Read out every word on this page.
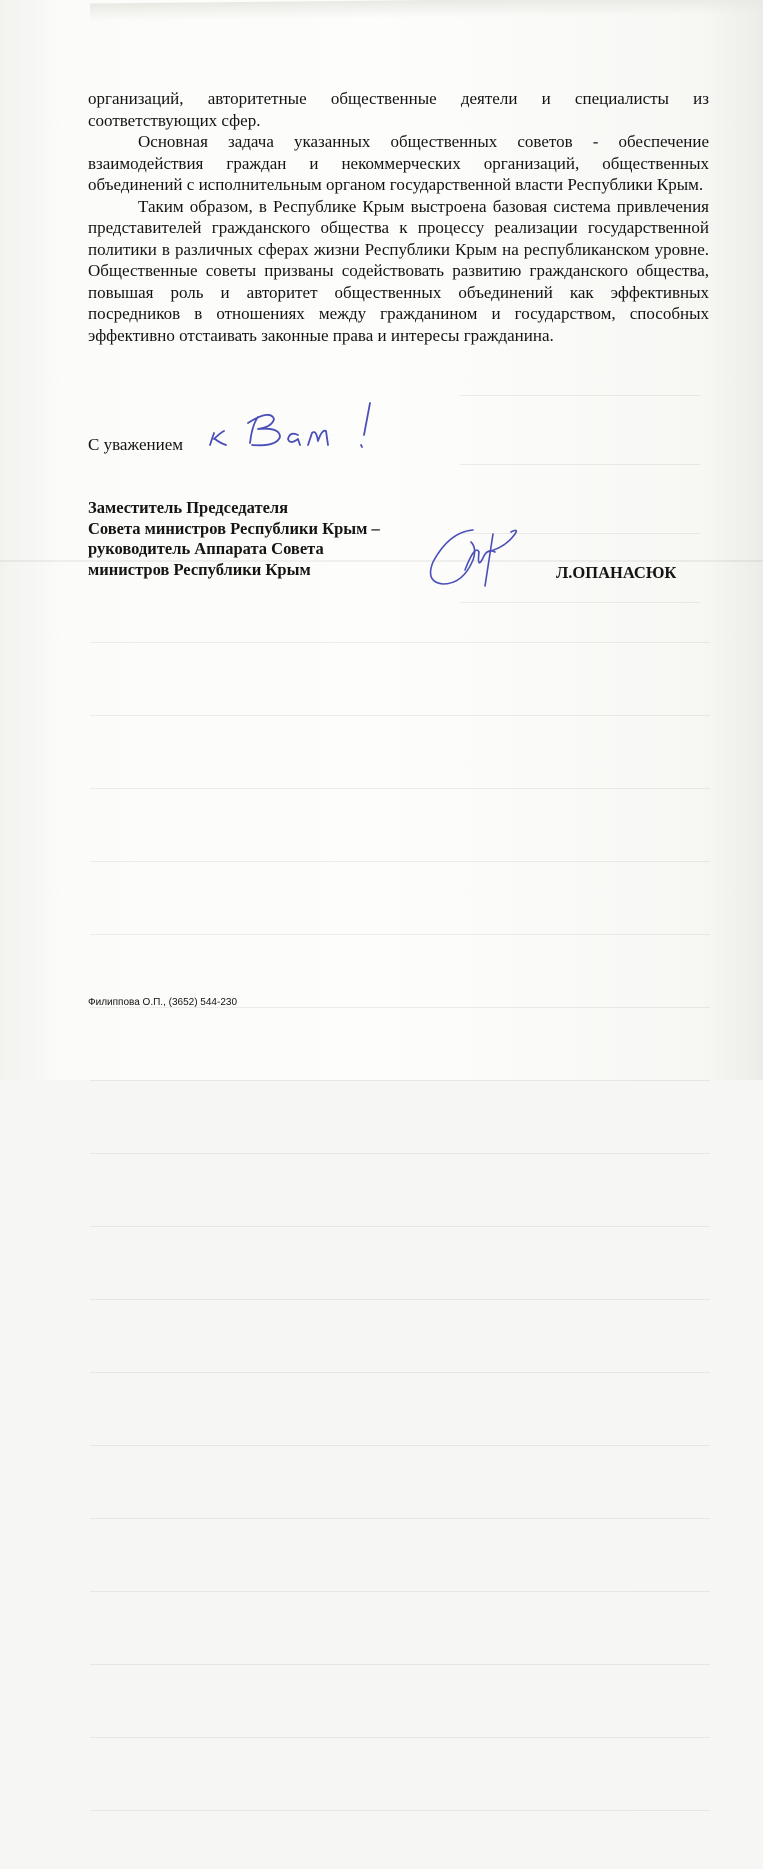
организаций, авторитетные общественные деятели и специалисты из соответствующих сфер.

Основная задача указанных общественных советов - обеспечение взаимодействия граждан и некоммерческих организаций, общественных объединений с исполнительным органом государственной власти Республики Крым.

Таким образом, в Республике Крым выстроена базовая система привлечения представителей гражданского общества к процессу реализации государственной политики в различных сферах жизни Республики Крым на республиканском уровне. Общественные советы призваны содействовать развитию гражданского общества, повышая роль и авторитет общественных объединений как эффективных посредников в отношениях между гражданином и государством, способных эффективно отстаивать законные права и интересы гражданина.

С уважением
Заместитель Председателя
Совета министров Республики Крым –
руководитель Аппарата Совета
министров Республики Крым	Л.ОПАНАСЮК
Филиппова О.П., (3652) 544-230
